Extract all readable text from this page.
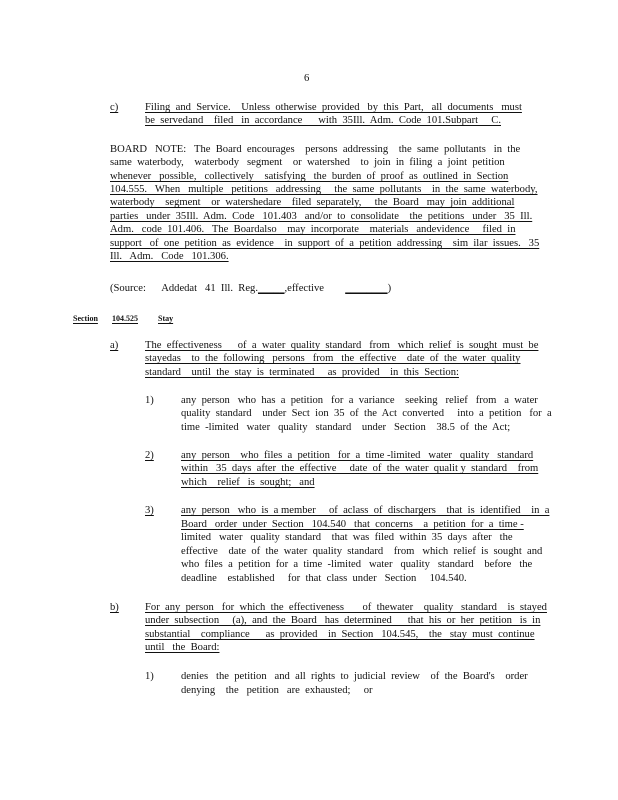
6
c)	Filing  and  Service.    Unless  otherwise  provided   by  this  Part,   all  documents   must
be  servedand    filed   in  accordance      with  35Ill.  Adm.  Code  101.Subpart     C.
BOARD   NOTE:   The  Board  encourages    persons  addressing    the  same  pollutants   in  the
same  waterbody,    waterbody   segment    or  watershed    to  join  in  filing  a  joint  petition
whenever   possible,   collectively    satisfying   the  burden  of  proof  as  outlined  in  Section
104.555.   When   multiple   petitions   addressing     the  same  pollutants    in  the  same  waterbody,
waterbody    segment    or  watershedare    filed  separately,     the  Board   may  join  additional
parties   under  35Ill.  Adm.  Code   101.403   and/or  to  consolidate    the  petitions   under   35  Ill.
Adm.   code  101.406.   The  Boardalso    may  incorporate    materials   andevidence     filed  in
support   of  one  petition  as  evidence    in  support  of  a  petition  addressing    sim  ilar  issues.   35
Ill.   Adm.   Code   101.306.
(Source:      Addedat   41  Ill.  Reg._____,effective ________)
Section 104.525	Stay
a)	The  effectiveness      of  a  water  quality  standard   from   which  relief  is  sought  must  be
stayedas    to  the  following   persons   from   the  effective    date  of  the  water  quality
standard    until  the  stay  is  terminated     as  provided    in  this  Section:
1)	any  person   who  has  a  petition   for  a  variance    seeking   relief   from   a  water
quality  standard    under  Sect  ion  35  of  the  Act  converted     into  a  petition   for  a
time  -limited   water   quality   standard    under   Section    38.5  of  the  Act;
2)	any  person    who  files  a  petition   for  a  time -limited   water   quality   standard
within   35  days  after  the  effective     date  of  the  water  qualit y  standard    from
which    relief   is  sought;   and
3)	any  person   who  is  a member     of  aclass  of  dischargers    that  is  identified    in  a
Board   order  under  Section   104.540   that  concerns    a  petition  for  a  time -
limited   water   quality  standard    that  was  filed  within  35  days  after   the
effective    date  of  the  water  quality  standard    from   which  relief  is  sought  and
who  files  a  petition  for  a  time  -limited   water   quality   standard    before   the
deadline    established     for  that  class  under   Section     104.540.
b) For  any  person   for  which  the  effectiveness       of  thewater    quality   standard    is  stayed
under  subsection     (a),  and  the  Board   has  determined      that  his  or  her  petition   is  in
substantial    compliance      as  provided    in  Section   104.545,    the   stay  must  continue
until   the  Board:
1)	denies   the  petition   and  all  rights  to  judicial  review    of  the  Board's    order
denying    the   petition   are  exhausted;     or
